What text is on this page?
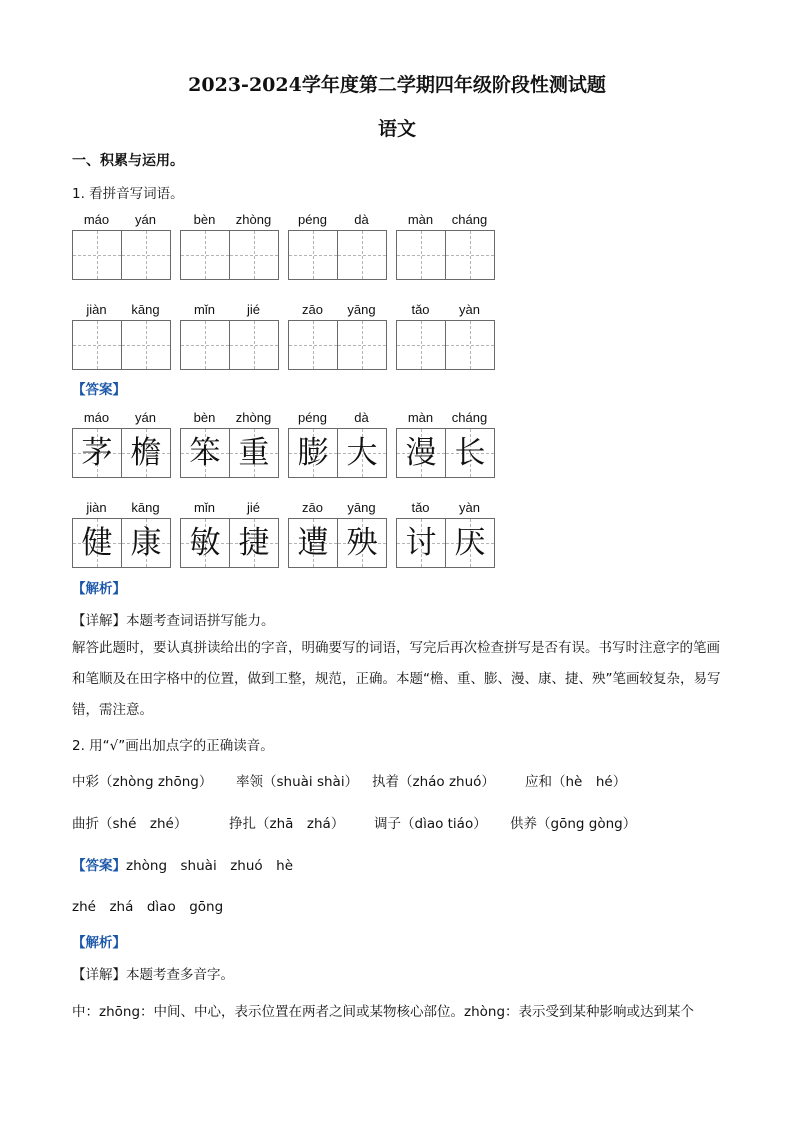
2023-2024学年度第二学期四年级阶段性测试题
语文
一、积累与运用。
1. 看拼音写词语。
máo	yán	bèn	zhòng	péng	dà	màn	cháng
jiàn	kāng	mǐn	jié	zāo	yāng	tǎo	yàn
【答案】
máo	yán
茅 檐
bèn	zhòng
笨 重
péng	dà
膨 大
màn	cháng
漫 长
jiàn	kāng
健 康
mǐn	jié
敏 捷
zāo	yāng
遭 殃
tǎo	yàn
讨 厌
【解析】
【详解】本题考查词语拼写能力。
解答此题时，要认真拼读给出的字音，明确要写的词语，写完后再次检查拼写是否有误。书写时注意字的笔画和笔顺及在田字格中的位置，做到工整，规范，正确。本题“檐、重、膨、漫、康、捷、殃”笔画较复杂，易写错，需注意。
2. 用“√”画出加点字的正确读音。
中彩（zhòng zhōng） 率领（shuài shài） 执着（zháo zhuó） 应和（hè　hé）
曲折（shé　zhé）	挣扎（zhā　zhá） 调子（dìao tiáo） 供养（gōng gòng）
【答案】zhòng　shuài　zhuó　hè
zhé　zhá　dìao　gōng
【解析】
【详解】本题考查多音字。
中：zhōng：中间、中心，表示位置在两者之间或某物核心部位。zhòng：表示受到某种影响或达到某个
